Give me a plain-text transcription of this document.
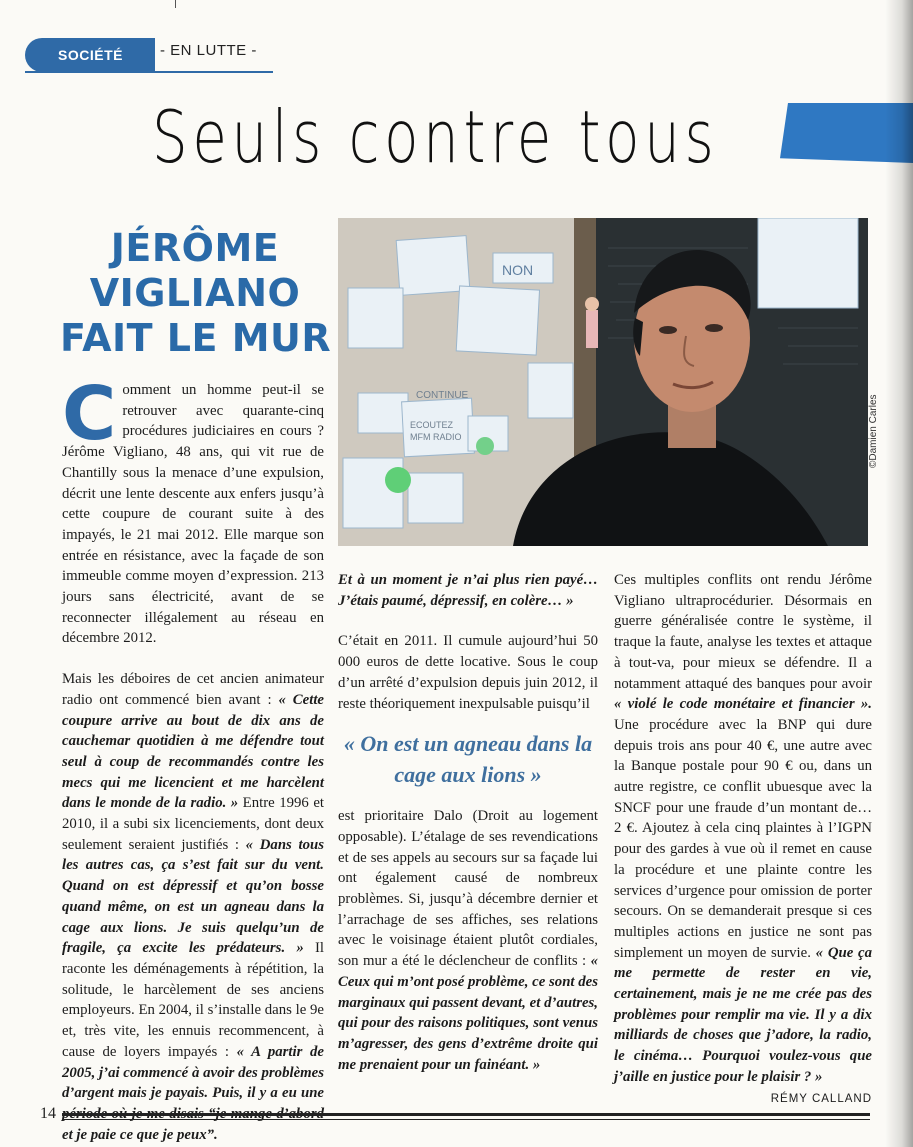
SOCIÉTÉ - EN LUTTE -
Seuls contre tous
JÉRÔME
VIGLIANO
FAIT LE MUR
NON
CONTINUE
ECOUTEZ
MFM RADIO	©Damien Carles

Comment un homme peut-il se retrouver avec quarante-cinq procédures judiciaires en cours ? Jérôme Vigliano, 48 ans, qui vit rue de Chantilly sous la menace d’une expulsion, décrit une lente descente aux enfers jusqu’à cette coupure de courant suite à des impayés, le 21 mai 2012. Elle marque son entrée en résistance, avec la façade de son immeuble comme moyen d’expression. 213 jours sans électricité, avant de se reconnecter illégalement au réseau en décembre 2012.

Mais les déboires de cet ancien animateur radio ont commencé bien avant : « Cette coupure arrive au bout de dix ans de cauchemar quotidien à me défendre tout seul à coup de recommandés contre les mecs qui me licencient et me harcèlent dans le monde de la radio. » Entre 1996 et 2010, il a subi six licenciements, dont deux seulement seraient justifiés : « Dans tous les autres cas, ça s’est fait sur du vent. Quand on est dépressif et qu’on bosse quand même, on est un agneau dans la cage aux lions. Je suis quelqu’un de fragile, ça excite les prédateurs. » Il raconte les déménagements à répétition, la solitude, le harcèlement de ses anciens employeurs. En 2004, il s’installe dans le 9e et, très vite, les ennuis recommencent, à cause de loyers impayés : « A partir de 2005, j’ai commencé à avoir des problèmes d’argent mais je payais. Puis, il y a eu une et je paie ce que je peux”.

Et à un moment je n’ai plus rien payé… J’étais paumé, dépressif, en colère… »

C’était en 2011. Il cumule aujourd’hui 50 000 euros de dette locative. Sous le coup d’un arrêté d’expulsion depuis juin 2012, il reste théoriquement inexpulsable puisqu’il

« On est un agneau dans la cage aux lions »

est prioritaire Dalo (Droit au logement opposable). L’étalage de ses revendications et de ses appels au secours sur sa façade lui ont également causé de nombreux problèmes. Si, jusqu’à décembre dernier et l’arrachage de ses affiches, ses relations avec le voisinage étaient plutôt cordiales, son mur a été le déclencheur de conflits : « Ceux qui m’ont posé problème, ce sont des marginaux qui passent devant, et d’autres, qui pour des raisons politiques, sont venus m’agresser, des gens d’extrême droite qui me prenaient pour un fainéant. »

Ces multiples conflits ont rendu Jérôme Vigliano ultraprocédurier. Désormais en guerre généralisée contre le système, il traque la faute, analyse les textes et attaque à tout-va, pour mieux se défendre. Il a notamment attaqué des banques pour avoir « violé le code monétaire et financier ». Une procédure avec la BNP qui dure depuis trois ans pour 40 €, une autre avec la Banque postale pour 90 € ou, dans un autre registre, ce conflit ubuesque avec la SNCF pour une fraude d’un montant de… 2 €. Ajoutez à cela cinq plaintes à l’IGPN pour des gardes à vue où il remet en cause la procédure et une plainte contre les services d’urgence pour omission de porter secours. On se demanderait presque si ces multiples actions en justice ne sont pas simplement un moyen de survie. « Que ça me permette de rester en vie, certainement, mais je ne me crée pas des problèmes pour remplir ma vie. Il y a dix milliards de choses que j’adore, la radio, le cinéma… Pourquoi voulez-vous que j’aille en justice pour le plaisir ? »

RÉMY CALLAND
14
